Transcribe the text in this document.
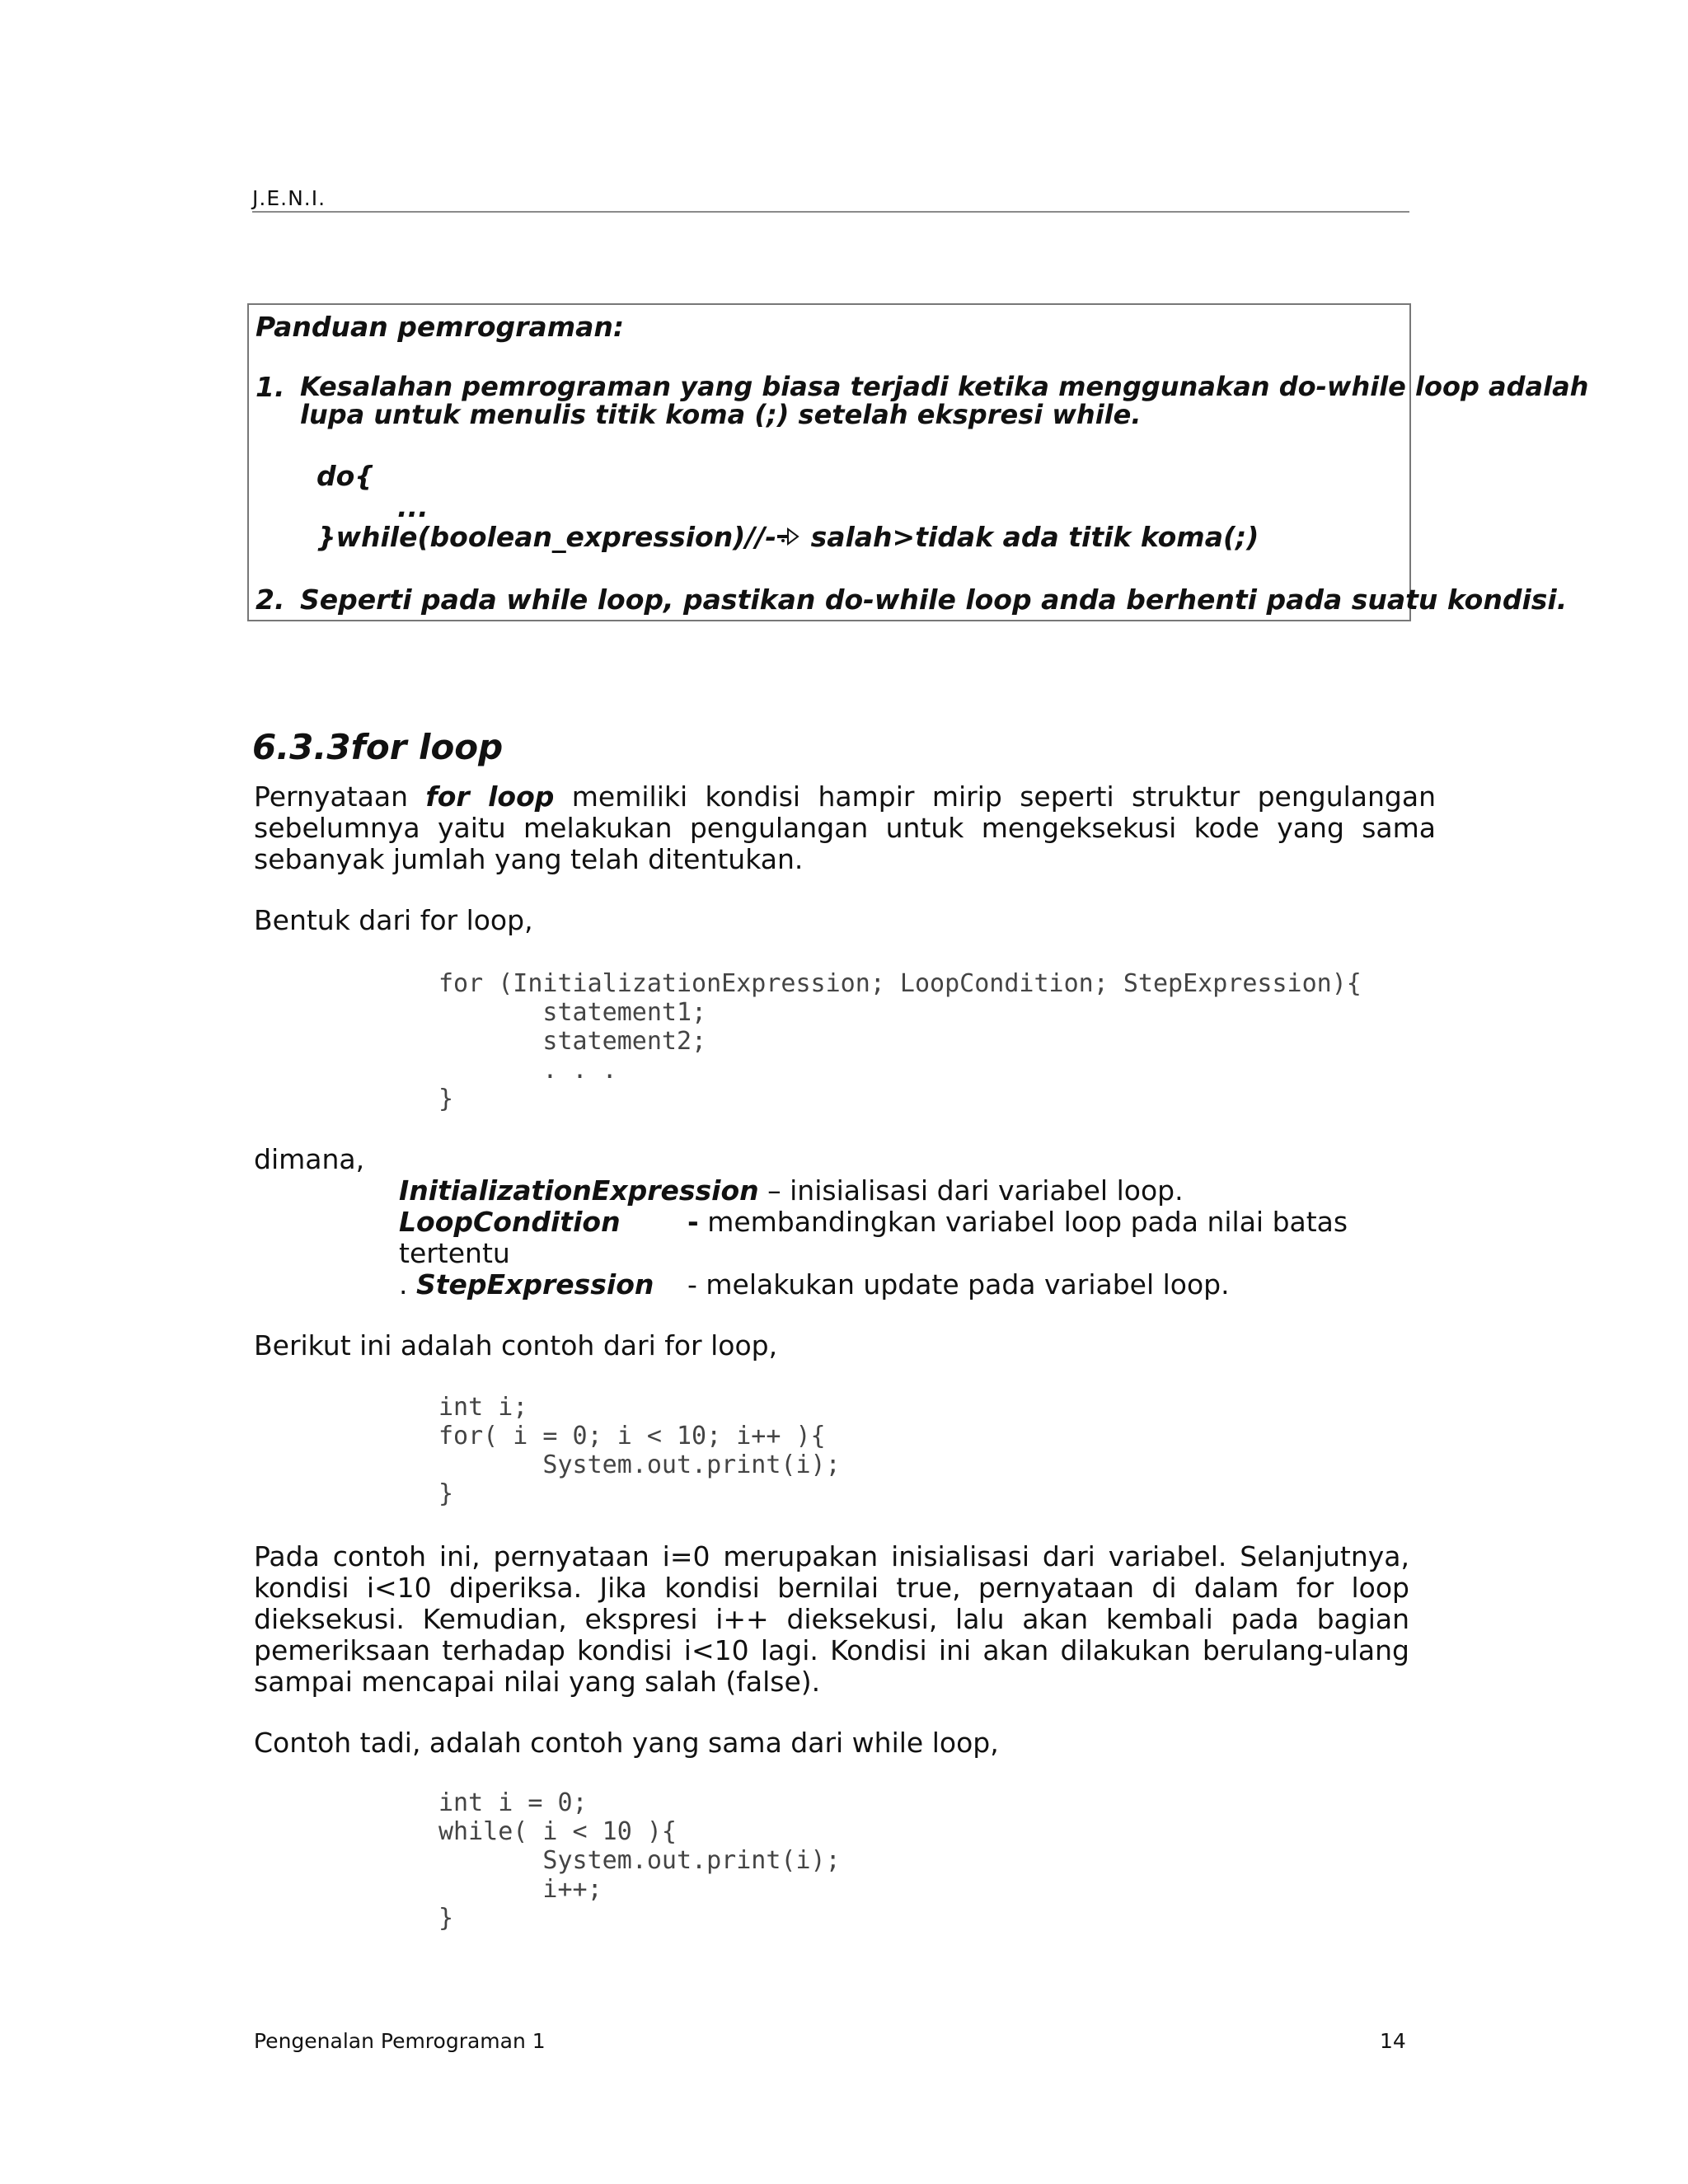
J.E.N.I.
Panduan pemrograman:
1. Kesalahan pemrograman yang biasa terjadi ketika menggunakan do-while loop adalah
lupa untuk menulis titik koma (;) setelah ekspresi while.
do{
...
}while(boolean_expression)//- salah>tidak ada titik koma(;)
2. Seperti pada while loop, pastikan do-while loop anda berhenti pada suatu kondisi.
6.3.3for loop
Pernyataan for loop memiliki kondisi hampir mirip seperti struktur pengulangan
sebelumnya yaitu melakukan pengulangan untuk mengeksekusi kode yang sama
sebanyak jumlah yang telah ditentukan.
Bentuk dari for loop,
for (InitializationExpression; LoopCondition; StepExpression){
statement1;
statement2;
. . .
}
dimana,
InitializationExpression – inisialisasi dari variabel loop.
LoopCondition - membandingkan variabel loop pada nilai batas
tertentu
. StepExpression - melakukan update pada variabel loop.
Berikut ini adalah contoh dari for loop,
int i;
for( i = 0; i < 10; i++ ){
System.out.print(i);
}
Pada contoh ini, pernyataan i=0 merupakan inisialisasi dari variabel. Selanjutnya,
kondisi i<10 diperiksa. Jika kondisi bernilai true, pernyataan di dalam for loop
dieksekusi. Kemudian, ekspresi i++ dieksekusi, lalu akan kembali pada bagian
pemeriksaan terhadap kondisi i<10 lagi. Kondisi ini akan dilakukan berulang-ulang
sampai mencapai nilai yang salah (false).
Contoh tadi, adalah contoh yang sama dari while loop,
int i = 0;
while( i < 10 ){
System.out.print(i);
i++;
}
Pengenalan Pemrograman 1	14
